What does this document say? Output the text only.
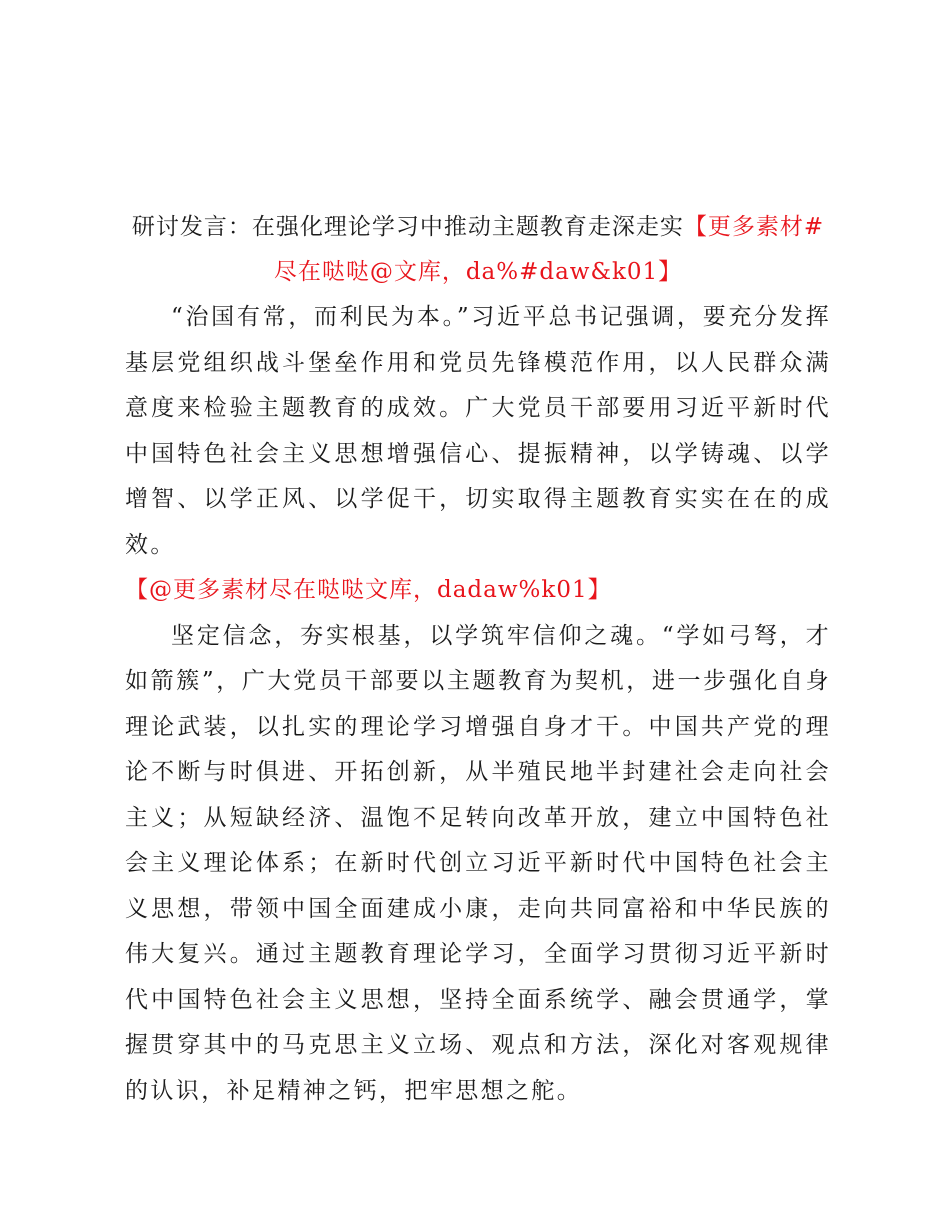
研讨发言：在强化理论学习中推动主题教育走深走实【更多素材#尽在哒哒@文库，da%#daw&k01】

“治国有常，而利民为本。”习近平总书记强调，要充分发挥基层党组织战斗堡垒作用和党员先锋模范作用，以人民群众满意度来检验主题教育的成效。广大党员干部要用习近平新时代中国特色社会主义思想增强信心、提振精神，以学铸魂、以学增智、以学正风、以学促干，切实取得主题教育实实在在的成效。

【@更多素材尽在哒哒文库，dadaw%k01】

坚定信念，夯实根基，以学筑牢信仰之魂。“学如弓弩，才如箭簇”，广大党员干部要以主题教育为契机，进一步强化自身理论武装，以扎实的理论学习增强自身才干。中国共产党的理论不断与时俱进、开拓创新，从半殖民地半封建社会走向社会主义；从短缺经济、温饱不足转向改革开放，建立中国特色社会主义理论体系；在新时代创立习近平新时代中国特色社会主义思想，带领中国全面建成小康，走向共同富裕和中华民族的伟大复兴。通过主题教育理论学习，全面学习贯彻习近平新时代中国特色社会主义思想，坚持全面系统学、融会贯通学，掌握贯穿其中的马克思主义立场、观点和方法，深化对客观规律的认识，补足精神之钙，把牢思想之舵。
